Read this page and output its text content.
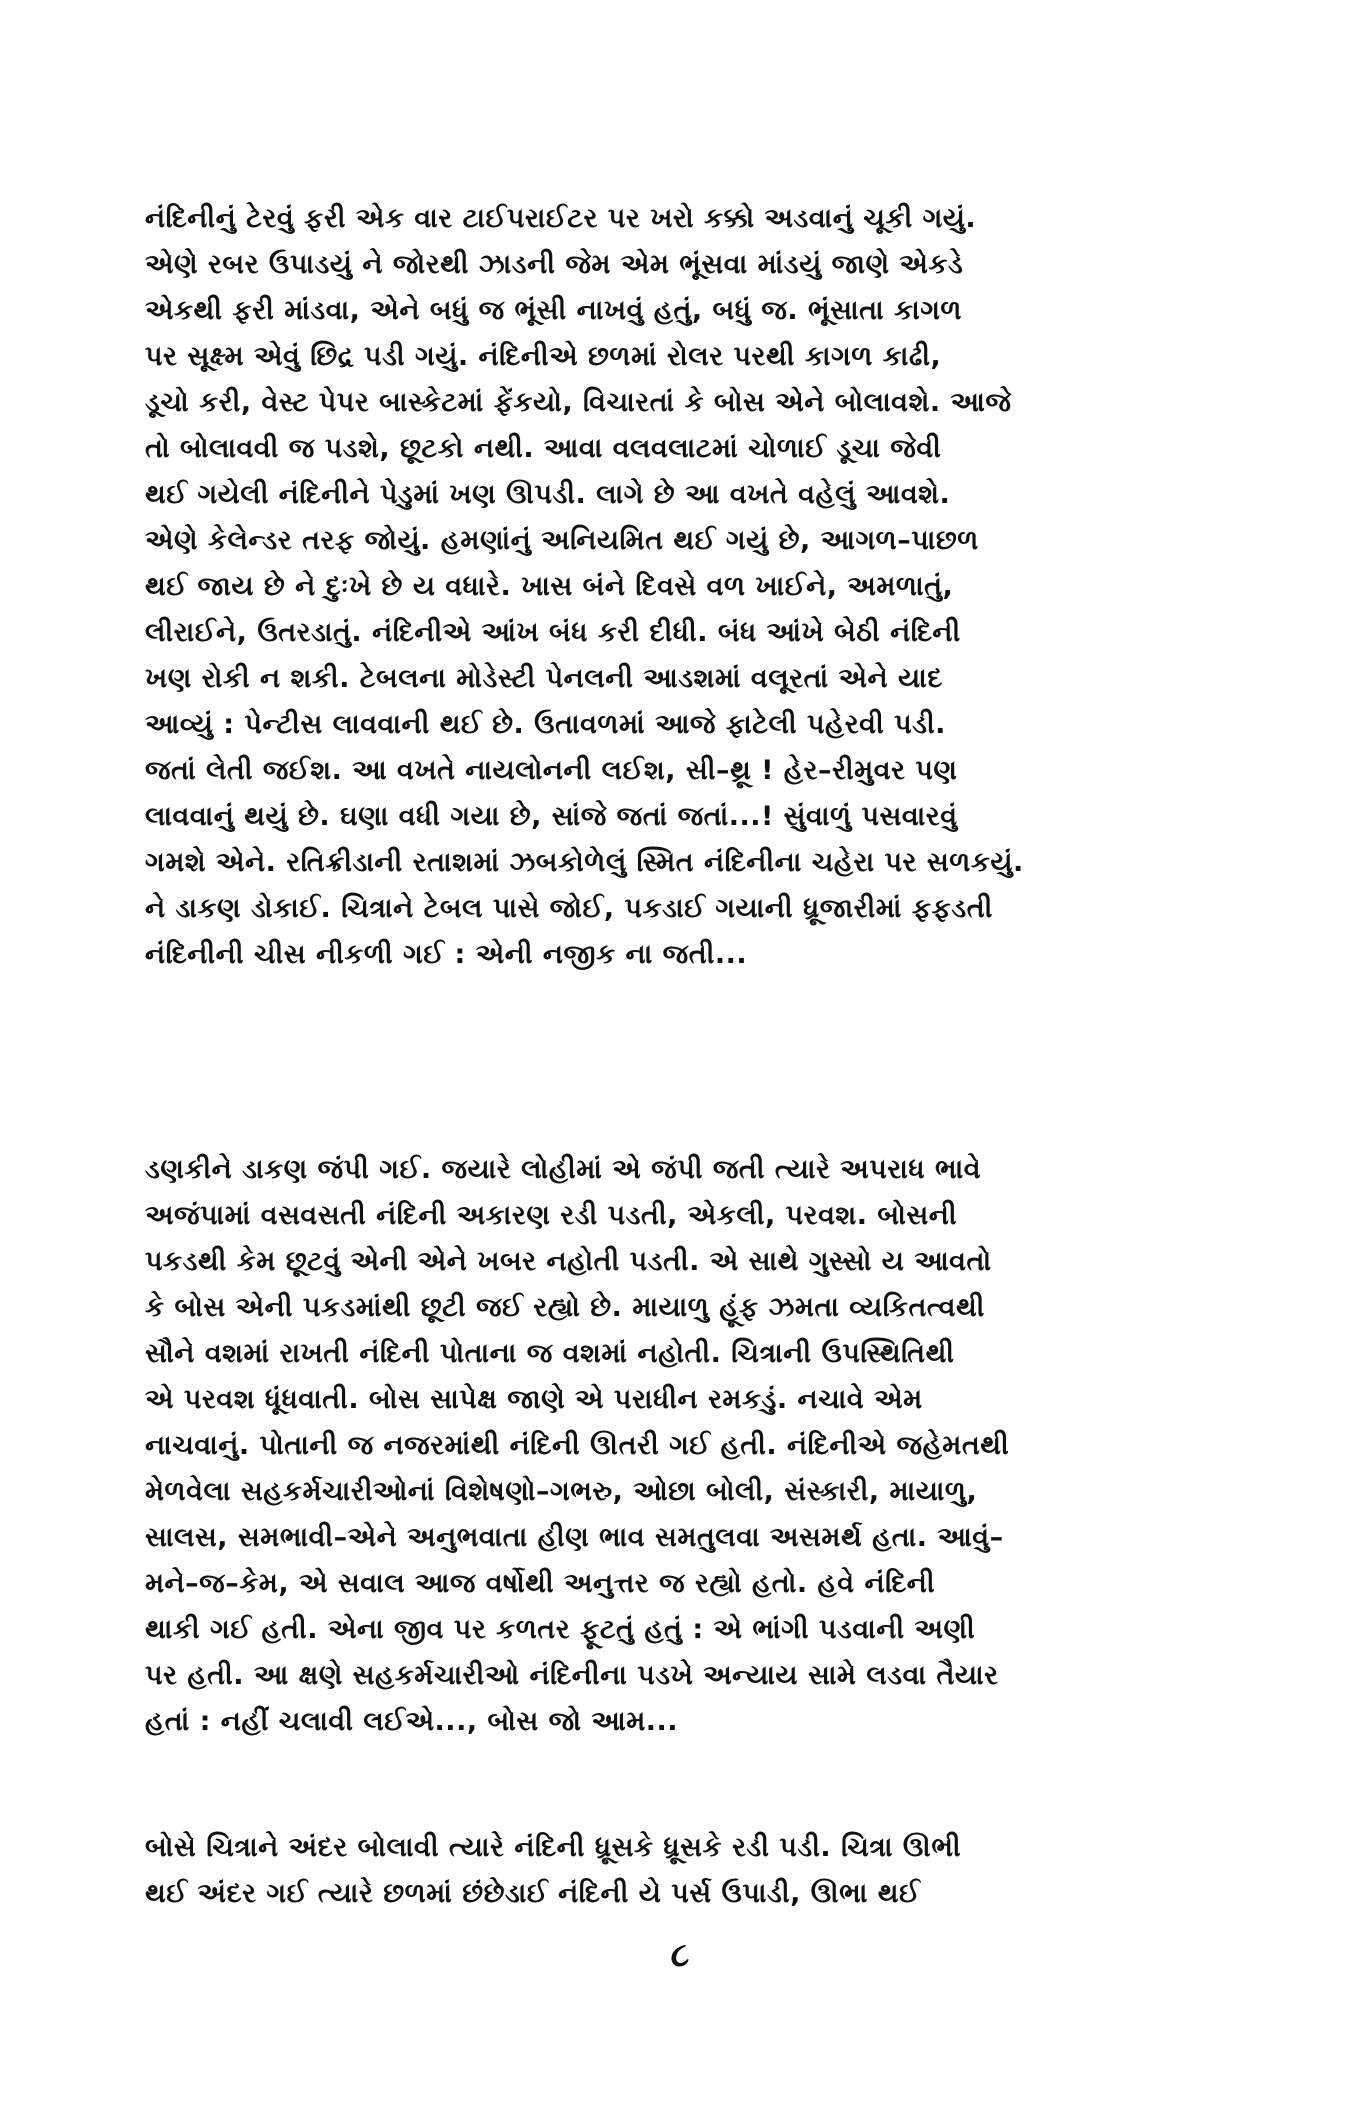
નંદિનીનું ટેરવું ફરી એક વાર ટાઈપરાઈટર પર ખરો કક્કો અડવાનું ચૂકી ગયું.
એણે રબર ઉપાડયું ને જોરથી ઝાડની જેમ એમ ભૂંસવા માંડયું જાણે એકડે
એકથી ફરી માંડવા, એને બધું જ ભૂંસી નાખવું હતું, બધું જ. ભૂંસાતા કાગળ
પર સૂક્ષ્મ એવું છિદ્ર પડી ગયું. નંદિનીએ છળમાં રોલર પરથી કાગળ કાઢી,
ડૂચો કરી, વેસ્ટ પેપર બાસ્કેટમાં ફેંકયો, વિચારતાં કે બોસ એને બોલાવશે. આજે
તો બોલાવવી જ પડશે, છૂટકો નથી. આવા વલવલાટમાં ચોળાઈ ડૂચા જેવી
થઈ ગયેલી નંદિનીને પેડુમાં ખણ ઊપડી. લાગે છે આ વખતે વહેલું આવશે.
એણે કેલેન્ડર તરફ જોયું. હમણાંનું અનિયમિત થઈ ગયું છે, આગળ–પાછળ
થઈ જાય છે ને દુઃખે છે ય વધારે. ખાસ બંને દિવસે વળ ખાઈને, અમળાતું,
લીરાઈને, ઉતરડાતું. નંદિનીએ આંખ બંધ કરી દીધી. બંધ આંખે બેઠી નંદિની
ખણ રોકી ન શકી. ટેબલના મોડેસ્ટી પેનલની આડશમાં વલૂરતાં એને યાદ
આવ્યું : પેન્ટીસ લાવવાની થઈ છે. ઉતાવળમાં આજે ફાટેલી પહેરવી પડી.
જતાં લેતી જઈશ. આ વખતે નાયલોનની લઈશ, સી–થ્રૂ ! હેર–રીમુવર પણ
લાવવાનું થયું છે. ઘણા વધી ગયા છે, સાંજે જતાં જતાં...! સુંવાળું પસવારવું
ગમશે એને. રતિક્રીડાની રતાશમાં ઝબકોળેલું સ્મિત નંદિનીના ચહેરા પર સળકયું.
ને ડાકણ ડોકાઈ. ચિત્રાને ટેબલ પાસે જોઈ, પકડાઈ ગયાની ધ્રૂજારીમાં ફફડતી
નંદિનીની ચીસ નીકળી ગઈ : એની નજીક ના જતી...
ડણકીને ડાકણ જંપી ગઈ. જયારે લોહીમાં એ જંપી જતી ત્યારે અપરાધ ભાવે
અજંપામાં વસવસતી નંદિની અકારણ રડી પડતી, એકલી, પરવશ. બોસની
પકડથી કેમ છૂટવું એની એને ખબર નહોતી પડતી. એ સાથે ગુસ્સો ય આવતો
કે બોસ એની પકડમાંથી છૂટી જઈ રહ્યો છે. માયાળુ હૂંફ ઝમતા વ્યકિતત્વથી
સૌને વશમાં રાખતી નંદિની પોતાના જ વશમાં નહોતી. ચિત્રાની ઉપસ્થિતિથી
એ પરવશ ધૂંધવાતી. બોસ સાપેક્ષ જાણે એ પરાધીન રમકડું. નચાવે એમ
નાચવાનું. પોતાની જ નજરમાંથી નંદિની ઊતરી ગઈ હતી. નંદિનીએ જહેમતથી
મેળવેલા સહકર્મચારીઓનાં વિશેષણો–ગભરુ, ઓછા બોલી, સંસ્કારી, માયાળુ,
સાલસ, સમભાવી–એને અનુભવાતા હીણ ભાવ સમતુલવા અસમર્થ હતા. આવું–
મને–જ–કેમ, એ સવાલ આજ વર્ષોથી અનુત્તર જ રહ્યો હતો. હવે નંદિની
થાકી ગઈ હતી. એના જીવ પર કળતર ફૂટતું હતું : એ ભાંગી પડવાની અણી
પર હતી. આ ક્ષણે સહકર્મચારીઓ નંદિનીના પડખે અન્યાય સામે લડવા તૈયાર
હતાં : નહીં ચલાવી લઈએ..., બોસ જો આમ...
બોસે ચિત્રાને અંદર બોલાવી ત્યારે નંદિની ધ્રૂસકે ધ્રૂસકે રડી પડી. ચિત્રા ઊભી
થઈ અંદર ગઈ ત્યારે છળમાં છંછેડાઈ નંદિની યે પર્સ ઉપાડી, ઊભા થઈ
૮
